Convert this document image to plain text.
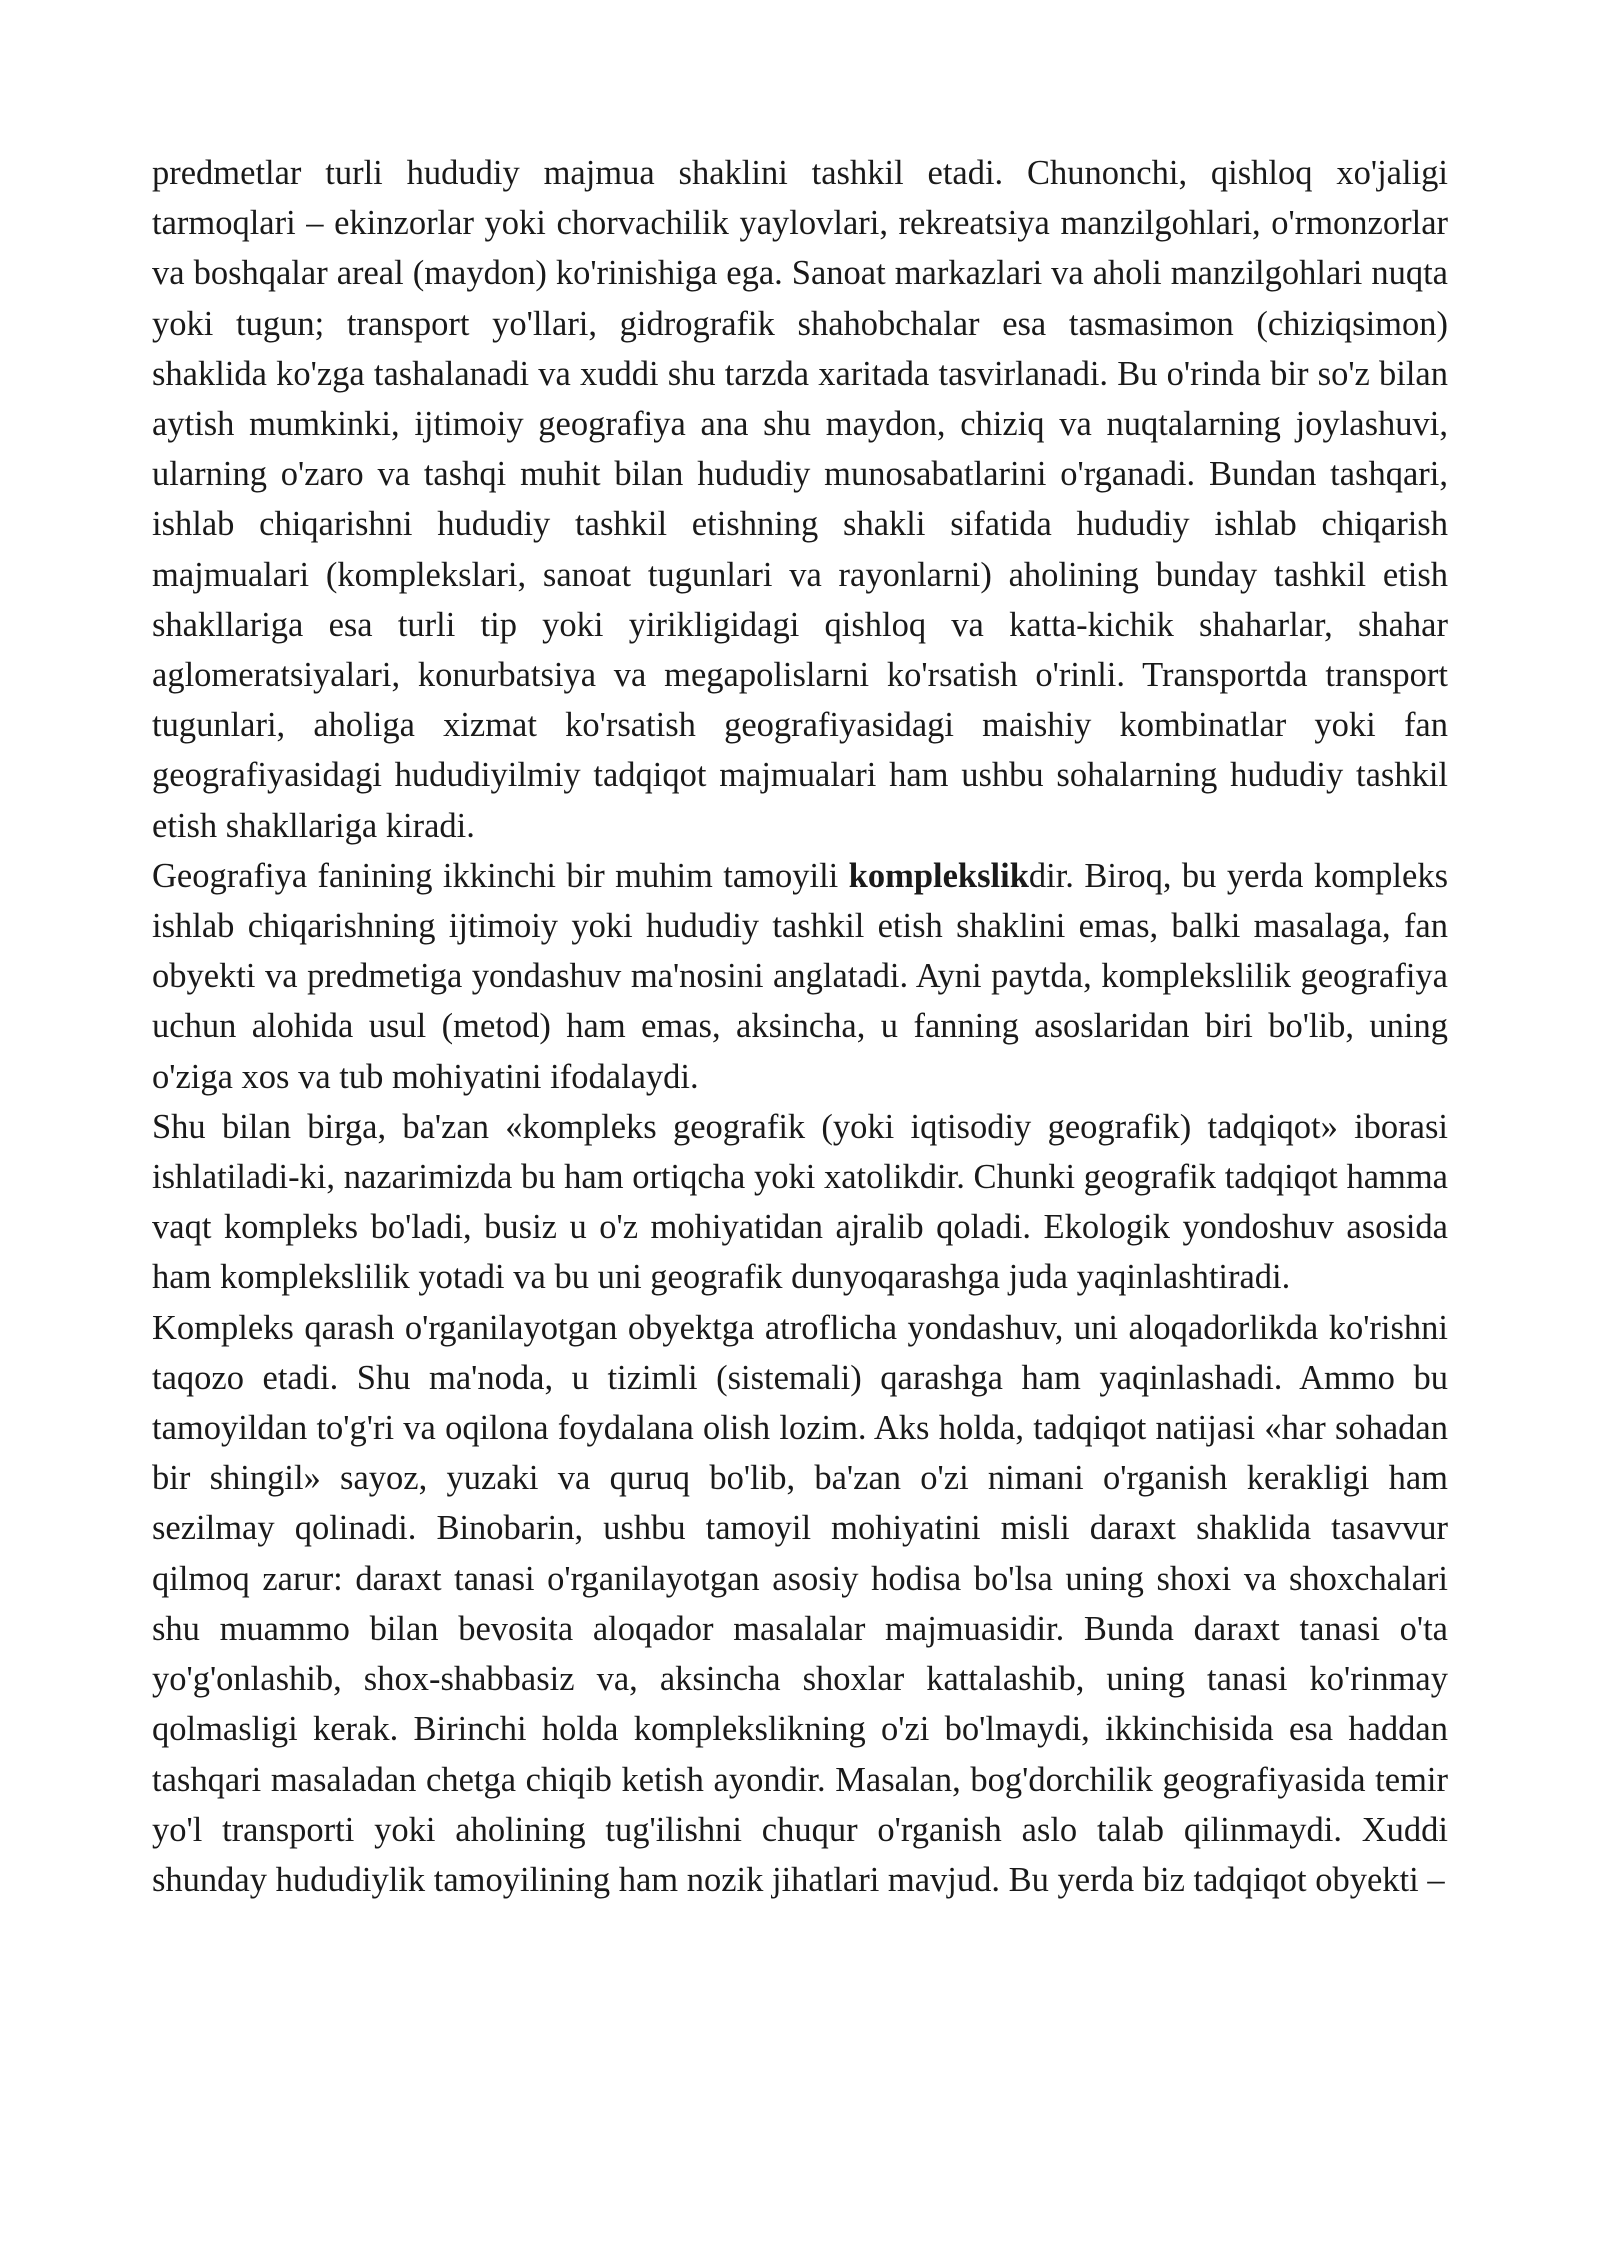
predmetlar turli hududiy majmua shaklini tashkil etadi. Chunonchi, qishloq xo'jaligi tarmoqlari – ekinzorlar yoki chorvachilik yaylovlari, rekreatsiya manzilgohlari, o'rmonzorlar va boshqalar areal (maydon) ko'rinishiga ega. Sanoat markazlari va aholi manzilgohlari nuqta yoki tugun; transport yo'llari, gidrografik shahobchalar esa tasmasimon (chiziqsimon) shaklida ko'zga tashalanadi va xuddi shu tarzda xaritada tasvirlanadi. Bu o'rinda bir so'z bilan aytish mumkinki, ijtimoiy geografiya ana shu maydon, chiziq va nuqtalarning joylashuvi, ularning o'zaro va tashqi muhit bilan hududiy munosabatlarini o'rganadi. Bundan tashqari, ishlab chiqarishni hududiy tashkil etishning shakli sifatida hududiy ishlab chiqarish majmualari (komplekslari, sanoat tugunlari va rayonlarni) aholining bunday tashkil etish shakllariga esa turli tip yoki yirikligidagi qishloq va katta-kichik shaharlar, shahar aglomeratsiyalari, konurbatsiya va megapolislarni ko'rsatish o'rinli. Transportda transport tugunlari, aholiga xizmat ko'rsatish geografiyasidagi maishiy kombinatlar yoki fan geografiyasidagi hududiyilmiy tadqiqot majmualari ham ushbu sohalarning hududiy tashkil etish shakllariga kiradi.

Geografiya fanining ikkinchi bir muhim tamoyili komplekslikdir. Biroq, bu yerda kompleks ishlab chiqarishning ijtimoiy yoki hududiy tashkil etish shaklini emas, balki masalaga, fan obyekti va predmetiga yondashuv ma'nosini anglatadi. Ayni paytda, komplekslilik geografiya uchun alohida usul (metod) ham emas, aksincha, u fanning asoslaridan biri bo'lib, uning o'ziga xos va tub mohiyatini ifodalaydi.

Shu bilan birga, ba'zan «kompleks geografik (yoki iqtisodiy geografik) tadqiqot» iborasi ishlatiladi-ki, nazarimizda bu ham ortiqcha yoki xatolikdir. Chunki geografik tadqiqot hamma vaqt kompleks bo'ladi, busiz u o'z mohiyatidan ajralib qoladi. Ekologik yondoshuv asosida ham komplekslilik yotadi va bu uni geografik dunyoqarashga juda yaqinlashtiradi.

Kompleks qarash o'rganilayotgan obyektga atroflicha yondashuv, uni aloqadorlikda ko'rishni taqozo etadi. Shu ma'noda, u tizimli (sistemali) qarashga ham yaqinlashadi. Ammo bu tamoyildan to'g'ri va oqilona foydalana olish lozim. Aks holda, tadqiqot natijasi «har sohadan bir shingil» sayoz, yuzaki va quruq bo'lib, ba'zan o'zi nimani o'rganish kerakligi ham sezilmay qolinadi. Binobarin, ushbu tamoyil mohiyatini misli daraxt shaklida tasavvur qilmoq zarur: daraxt tanasi o'rganilayotgan asosiy hodisa bo'lsa uning shoxi va shoxchalari shu muammo bilan bevosita aloqador masalalar majmuasidir. Bunda daraxt tanasi o'ta yo'g'onlashib, shox-shabbasiz va, aksincha shoxlar kattalashib, uning tanasi ko'rinmay qolmasligi kerak. Birinchi holda komplekslikning o'zi bo'lmaydi, ikkinchisida esa haddan tashqari masaladan chetga chiqib ketish ayondir. Masalan, bog'dorchilik geografiyasida temir yo'l transporti yoki aholining tug'ilishni chuqur o'rganish aslo talab qilinmaydi. Xuddi shunday hududiylik tamoyilining ham nozik jihatlari mavjud. Bu yerda biz tadqiqot obyekti –
